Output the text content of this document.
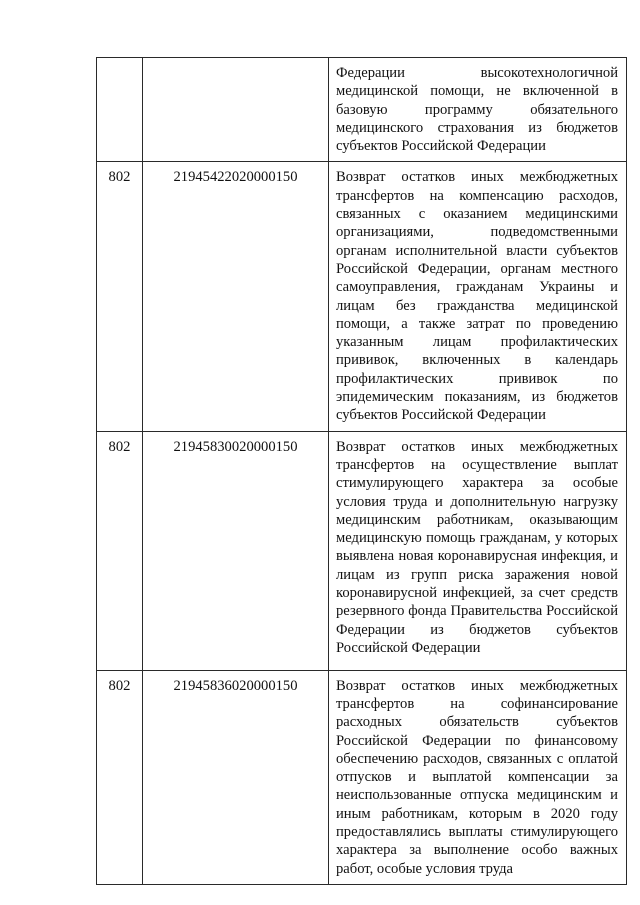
		Федерации высокотехнологичной медицинской помощи, не включенной в базовую программу обязательного медицинского страхования из бюджетов субъектов Российской Федерации

802	21945422020000150	Возврат остатков иных межбюджетных трансфертов на компенсацию расходов, связанных с оказанием медицинскими организациями, подведомственными органам исполнительной власти субъектов Российской Федерации, органам местного самоуправления, гражданам Украины и лицам без гражданства медицинской помощи, а также затрат по проведению указанным лицам профилактических прививок, включенных в календарь профилактических прививок по эпидемическим показаниям, из бюджетов субъектов Российской Федерации

802	21945830020000150	Возврат остатков иных межбюджетных трансфертов на осуществление выплат стимулирующего характера за особые условия труда и дополнительную нагрузку медицинским работникам, оказывающим медицинскую помощь гражданам, у которых выявлена новая коронавирусная инфекция, и лицам из групп риска заражения новой коронавирусной инфекцией, за счет средств резервного фонда Правительства Российской Федерации из бюджетов субъектов Российской Федерации

802	21945836020000150	Возврат остатков иных межбюджетных трансфертов на софинансирование расходных обязательств субъектов Российской Федерации по финансовому обеспечению расходов, связанных с оплатой отпусков и выплатой компенсации за неиспользованные отпуска медицинским и иным работникам, которым в 2020 году предоставлялись выплаты стимулирующего характера за выполнение особо важных работ, особые условия труда
